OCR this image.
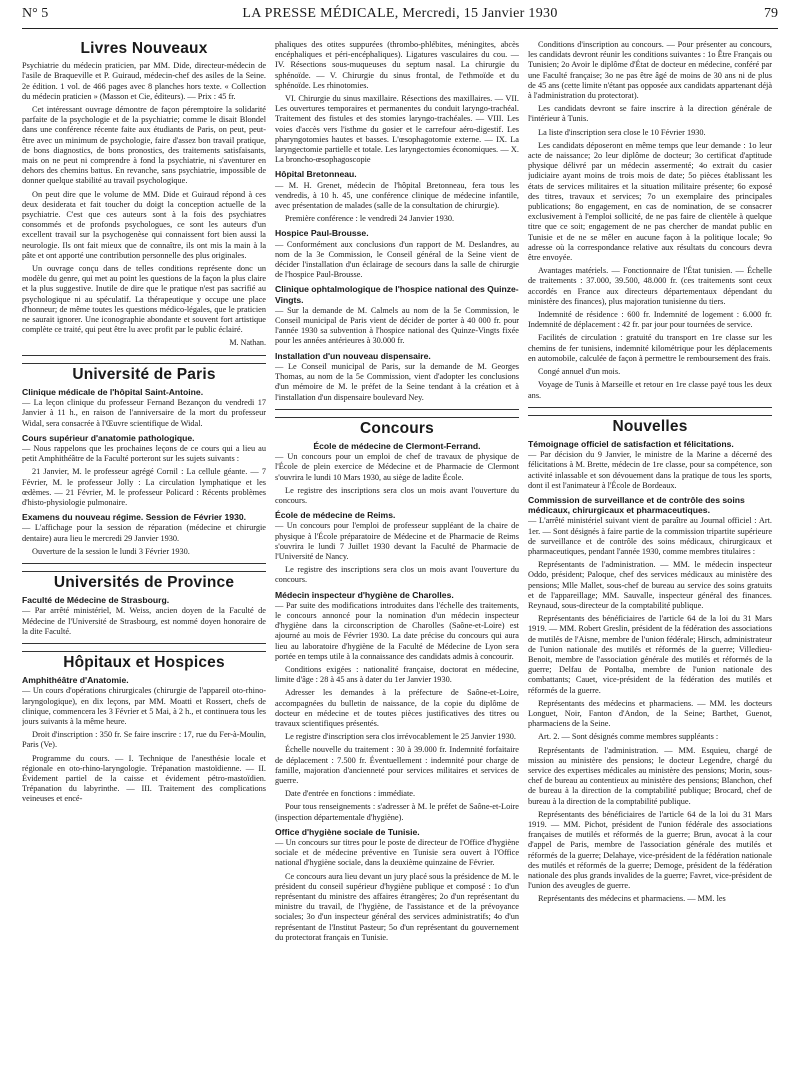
N° 5	LA PRESSE MÉDICALE, Mercredi, 15 Janvier 1930	79
Livres Nouveaux

Psychiatrie du médecin praticien, par MM. Dide, directeur-médecin de l'asile de Braqueville et P. Guiraud, médecin-chef des asiles de la Seine. 2e édition. 1 vol. de 466 pages avec 8 planches hors texte. « Collection du médecin praticien » (Masson et Cie, éditeurs). — Prix : 45 fr.

Cet intéressant ouvrage démontre de façon péremptoire la solidarité parfaite de la psychologie et de la psychiatrie; comme le disait Blondel dans une conférence récente faite aux étudiants de Paris, on peut, peut-être avec un minimum de psychologie, faire d'assez bon travail pratique, de bons diagnostics, de bons pronostics, des traitements satisfaisants, mais on ne peut ni comprendre à fond la psychiatrie, ni s'aventurer en dehors des chemins battus. En revanche, sans psychiatrie, impossible de donner quelque stabilité au travail psychologique.

On peut dire que le volume de MM. Dide et Guiraud répond à ces deux desiderata et fait toucher du doigt la conception actuelle de la psychiatrie. C'est que ces auteurs sont à la fois des psychiatres consommés et de profonds psychologues, ce sont les auteurs d'un excellent travail sur la psychogenèse qui connaissent fort bien aussi la neurologie. Ils ont fait mieux que de connaître, ils ont mis la main à la pâte et ont apporté une contribution personnelle des plus originales.

Un ouvrage conçu dans de telles conditions représente donc un modèle du genre, qui met au point les questions de la façon la plus claire et la plus suggestive. Inutile de dire que le pratique n'est pas sacrifié au psychologique ni au spéculatif. La thérapeutique y occupe une place d'honneur; de même toutes les questions médico-légales, que le praticien ne saurait ignorer. Une iconographie abondante et souvent fort artistique complète ce traité, qui peut être lu avec profit par le public éclairé.

M. Nathan.
Université de Paris
Clinique médicale de l'hôpital Saint-Antoine.

— La leçon clinique du professeur Fernand Bezançon du vendredi 17 Janvier à 11 h., en raison de l'anniversaire de la mort du professeur Widal, sera consacrée à l'Œuvre scientifique de Widal.

Cours supérieur d'anatomie pathologique.

— Nous rappelons que les prochaines leçons de ce cours qui a lieu au petit Amphithéâtre de la Faculté porteront sur les sujets suivants :

21 Janvier, M. le professeur agrégé Cornil : La cellule géante. — 7 Février, M. le professeur Jolly : La circulation lymphatique et les œdèmes. — 21 Février, M. le professeur Policard : Récents problèmes d'histo-physiologie pulmonaire.

Examens du nouveau régime. Session de Février 1930.

— L'affichage pour la session de réparation (médecine et chirurgie dentaire) aura lieu le mercredi 29 Janvier 1930.

Ouverture de la session le lundi 3 Février 1930.

Universités de Province
Faculté de Médecine de Strasbourg.

— Par arrêté ministériel, M. Weiss, ancien doyen de la Faculté de Médecine de l'Université de Strasbourg, est nommé doyen honoraire de la dite Faculté.

Hôpitaux et Hospices
Amphithéâtre d'Anatomie.

— Un cours d'opérations chirurgicales (chirurgie de l'appareil oto-rhino-laryngologique), en dix leçons, par MM. Moatti et Rossert, chefs de clinique, commencera les 3 Février et 5 Mai, à 2 h., et continuera tous les jours suivants à la même heure.

Droit d'inscription : 350 fr. Se faire inscrire : 17, rue du Fer-à-Moulin, Paris (Ve).

Programme du cours. — I. Technique de l'anesthésie locale et régionale en oto-rhino-laryngologie. Trépanation mastoïdienne. — II. Évidement partiel de la caisse et évidement pétro-mastoïdien. Trépanation du labyrinthe. — III. Traitement des complications veineuses et encé-

phaliques des otites suppurées (thrombo-phlébites, méningites, abcès encéphaliques et péri-encéphaliques). Ligatures vasculaires du cou. — IV. Résections sous-muqueuses du septum nasal. La chirurgie du sphénoïde. — V. Chirurgie du sinus frontal, de l'ethmoïde et du sphénoïde. Les rhinotomies.

VI. Chirurgie du sinus maxillaire. Résections des maxillaires. — VII. Les ouvertures temporaires et permanentes du conduit laryngo-trachéal. Traitement des fistules et des stomies laryngo-trachéales. — VIII. Les voies d'accès vers l'isthme du gosier et le carrefour aéro-digestif. Les pharyngotomies hautes et basses. L'œsophagotomie externe. — IX. La laryngectomie partielle et totale. Les laryngectomies économiques. — X. La broncho-œsophagoscopie

Hôpital Bretonneau.

— M. H. Grenet, médecin de l'hôpital Bretonneau, fera tous les vendredis, à 10 h. 45, une conférence clinique de médecine infantile, avec présentation de malades (salle de la consultation de chirurgie).

Première conférence : le vendredi 24 Janvier 1930.

Hospice Paul-Brousse.

— Conformément aux conclusions d'un rapport de M. Deslandres, au nom de la 3e Commission, le Conseil général de la Seine vient de décider l'installation d'un éclairage de secours dans la salle de chirurgie de l'hospice Paul-Brousse.

Clinique ophtalmologique de l'hospice national des Quinze-Vingts.

— Sur la demande de M. Calmels au nom de la 5e Commission, le Conseil municipal de Paris vient de décider de porter à 40 000 fr. pour l'année 1930 sa subvention à l'hospice national des Quinze-Vingts fixée pour les années antérieures à 30.000 fr.

Installation d'un nouveau dispensaire.

— Le Conseil municipal de Paris, sur la demande de M. Georges Thomas, au nom de la 5e Commission, vient d'adopter les conclusions d'un mémoire de M. le préfet de la Seine tendant à la création et à l'installation d'un dispensaire boulevard Ney.

Concours
École de médecine de Clermont-Ferrand.

— Un concours pour un emploi de chef de travaux de physique de l'École de plein exercice de Médecine et de Pharmacie de Clermont s'ouvrira le lundi 10 Mars 1930, au siège de ladite École.

Le registre des inscriptions sera clos un mois avant l'ouverture du concours.

École de médecine de Reims.

— Un concours pour l'emploi de professeur suppléant de la chaire de physique à l'École préparatoire de Médecine et de Pharmacie de Reims s'ouvrira le lundi 7 Juillet 1930 devant la Faculté de Pharmacie de l'Université de Nancy.

Le registre des inscriptions sera clos un mois avant l'ouverture du concours.

Médecin inspecteur d'hygiène de Charolles.

— Par suite des modifications introduites dans l'échelle des traitements, le concours annoncé pour la nomination d'un médecin inspecteur d'hygiène dans la circonscription de Charolles (Saône-et-Loire) est ajourné au mois de Février 1930. La date précise du concours qui aura lieu au laboratoire d'hygiène de la Faculté de Médecine de Lyon sera portée en temps utile à la connaissance des candidats admis à concourir.

Conditions exigées : nationalité française, doctorat en médecine, limite d'âge : 28 à 45 ans à dater du 1er Janvier 1930.

Adresser les demandes à la préfecture de Saône-et-Loire, accompagnées du bulletin de naissance, de la copie du diplôme de docteur en médecine et de toutes pièces justificatives des titres ou travaux scientifiques présentés.

Le registre d'inscription sera clos irrévocablement le 25 Janvier 1930.

Échelle nouvelle du traitement : 30 à 39.000 fr. Indemnité forfaitaire de déplacement : 7.500 fr. Éventuellement : indemnité pour charge de famille, majoration d'ancienneté pour services militaires et services de guerre.

Date d'entrée en fonctions : immédiate.

Pour tous renseignements : s'adresser à M. le préfet de Saône-et-Loire (inspection départementale d'hygiène).

Office d'hygiène sociale de Tunisie.

— Un concours sur titres pour le poste de directeur de l'Office d'hygiène sociale et de médecine préventive en Tunisie sera ouvert à l'Office national d'hygiène sociale, dans la deuxième quinzaine de Février.

Ce concours aura lieu devant un jury placé sous la présidence de M. le président du conseil supérieur d'hygiène publique et composé : 1o d'un représentant du ministre des affaires étrangères; 2o d'un représentant du ministre du travail, de l'hygiène, de l'assistance et de la prévoyance sociales; 3o d'un inspecteur général des services administratifs; 4o d'un représentant de l'Institut Pasteur; 5o d'un représentant du gouvernement du protectorat français en Tunisie.

Conditions d'inscription au concours. — Pour présenter au concours, les candidats devront réunir les conditions suivantes : 1o Être Français ou Tunisien; 2o Avoir le diplôme d'État de docteur en médecine, conféré par une Faculté française; 3o ne pas être âgé de moins de 30 ans ni de plus de 45 ans (cette limite n'étant pas opposée aux candidats appartenant déjà à l'administration du protectorat).

Les candidats devront se faire inscrire à la direction générale de l'intérieur à Tunis.

La liste d'inscription sera close le 10 Février 1930.

Les candidats déposeront en même temps que leur demande : 1o leur acte de naissance; 2o leur diplôme de docteur; 3o certificat d'aptitude physique délivré par un médecin assermenté; 4o extrait du casier judiciaire ayant moins de trois mois de date; 5o pièces établissant les états de services militaires et la situation militaire présente; 6o exposé des titres, travaux et services; 7o un exemplaire des principales publications; 8o engagement, en cas de nomination, de se consacrer exclusivement à l'emploi sollicité, de ne pas faire de clientèle à quelque titre que ce soit; engagement de ne pas chercher de mandat public en Tunisie et de ne se mêler en aucune façon à la politique locale; 9o adresse où la correspondance relative aux résultats du concours devra être envoyée.

Avantages matériels. — Fonctionnaire de l'État tunisien. — Échelle de traitements : 37.000, 39.500, 48.000 fr. (ces traitements sont ceux accordés en France aux directeurs départementaux dépendant du ministère des finances), plus majoration tunisienne du tiers.

Indemnité de résidence : 600 fr. Indemnité de logement : 6.000 fr. Indemnité de déplacement : 42 fr. par jour pour tournées de service.

Facilités de circulation : gratuité du transport en 1re classe sur les chemins de fer tunisiens, indemnité kilométrique pour les déplacements en automobile, calculée de façon à permettre le remboursement des frais.

Congé annuel d'un mois.

Voyage de Tunis à Marseille et retour en 1re classe payé tous les deux ans.

Nouvelles
Témoignage officiel de satisfaction et félicitations.

— Par décision du 9 Janvier, le ministre de la Marine a décerné des félicitations à M. Brette, médecin de 1re classe, pour sa compétence, son activité inlassable et son dévouement dans la pratique de tous les sports, dont il est l'animateur à l'École de Bordeaux.

Commission de surveillance et de contrôle des soins médicaux, chirurgicaux et pharmaceutiques.

— L'arrêté ministériel suivant vient de paraître au Journal officiel : Art. 1er. — Sont désignés à faire partie de la commission tripartite supérieure de surveillance et de contrôle des soins médicaux, chirurgicaux et pharmaceutiques, pendant l'année 1930, comme membres titulaires :

Représentants de l'administration. — MM. le médecin inspecteur Oddo, président; Paloque, chef des services médicaux au ministère des pensions; Mlle Mallet, sous-chef de bureau au service des soins gratuits et de l'appareillage; MM. Sauvalle, inspecteur général des finances. Reynaud, sous-directeur de la comptabilité publique.

Représentants des bénéficiaires de l'article 64 de la loi du 31 Mars 1919. — MM. Robert Greslin, président de la fédération des associations de mutilés de l'Aisne, membre de l'union fédérale; Hirsch, administrateur de l'union nationale des mutilés et réformés de la guerre; Villedieu-Benoit, membre de l'association générale des mutilés et réformés de la guerre; Delfau de Pontalba, membre de l'union nationale des combattants; Cauet, vice-président de la fédération des mutilés et réformés de la guerre.

Représentants des médecins et pharmaciens. — MM. les docteurs Longuet, Noir, Fanton d'Andon, de la Seine; Barthet, Guenot, pharmaciens de la Seine.

Art. 2. — Sont désignés comme membres suppléants :

Représentants de l'administration. — MM. Esquieu, chargé de mission au ministère des pensions; le docteur Legendre, chargé du service des expertises médicales au ministère des pensions; Morin, sous-chef de bureau au contentieux au ministère des pensions; Blanchon, chef de bureau à la direction de la comptabilité publique; Brocard, chef de bureau à la direction de la comptabilité publique.

Représentants des bénéficiaires de l'article 64 de la loi du 31 Mars 1919. — MM. Pichot, président de l'union fédérale des associations françaises de mutilés et réformés de la guerre; Brun, avocat à la cour d'appel de Paris, membre de l'association générale des mutilés et réformés de la guerre; Delahaye, vice-président de la fédération nationale des mutilés et réformés de la guerre; Demoge, président de la fédération nationale des plus grands invalides de la guerre; Favret, vice-président de l'union des aveugles de guerre.

Représentants des médecins et pharmaciens. — MM. les
